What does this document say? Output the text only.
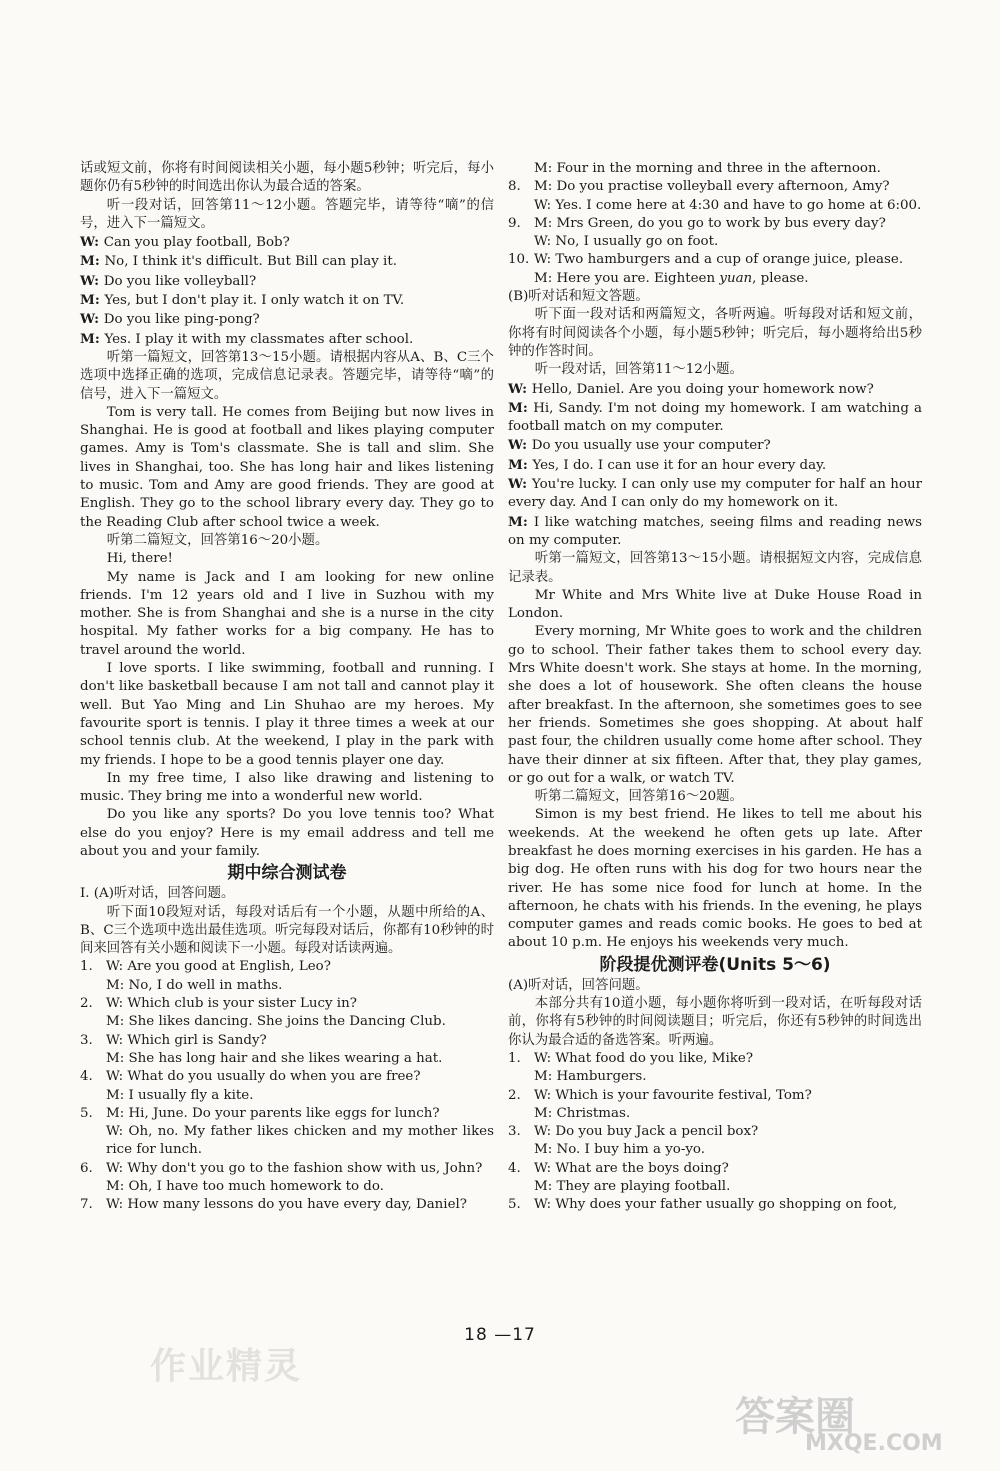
话或短文前，你将有时间阅读相关小题，每小题5秒钟；听完后，每小题你仍有5秒钟的时间选出你认为最合适的答案。

听一段对话，回答第11～12小题。答题完毕，请等待“嘀”的信号，进入下一篇短文。

W: Can you play football, Bob?

M: No, I think it's difficult. But Bill can play it.

W: Do you like volleyball?

M: Yes, but I don't play it. I only watch it on TV.

W: Do you like ping-pong?

M: Yes. I play it with my classmates after school.

听第一篇短文，回答第13～15小题。请根据内容从A、B、C三个选项中选择正确的选项，完成信息记录表。答题完毕，请等待“嘀”的信号，进入下一篇短文。

Tom is very tall. He comes from Beijing but now lives in Shanghai. He is good at football and likes playing computer games. Amy is Tom's classmate. She is tall and slim. She lives in Shanghai, too. She has long hair and likes listening to music. Tom and Amy are good friends. They are good at English. They go to the school library every day. They go to the Reading Club after school twice a week.

听第二篇短文，回答第16～20小题。

Hi, there!

My name is Jack and I am looking for new online friends. I'm 12 years old and I live in Suzhou with my mother. She is from Shanghai and she is a nurse in the city hospital. My father works for a big company. He has to travel around the world.

I love sports. I like swimming, football and running. I don't like basketball because I am not tall and cannot play it well. But Yao Ming and Lin Shuhao are my heroes. My favourite sport is tennis. I play it three times a week at our school tennis club. At the weekend, I play in the park with my friends. I hope to be a good tennis player one day.

In my free time, I also like drawing and listening to music. They bring me into a wonderful new world.

Do you like any sports? Do you love tennis too? What else do you enjoy? Here is my email address and tell me about you and your family.

期中综合测试卷

Ⅰ. (A)听对话，回答问题。

听下面10段短对话，每段对话后有一个小题，从题中所给的A、B、C三个选项中选出最佳选项。听完每段对话后，你都有10秒钟的时间来回答有关小题和阅读下一小题。每段对话读两遍。

1. W: Are you good at English, Leo?

M: No, I do well in maths.

2. W: Which club is your sister Lucy in?

M: She likes dancing. She joins the Dancing Club.

3. W: Which girl is Sandy?

M: She has long hair and she likes wearing a hat.

4. W: What do you usually do when you are free?

M: I usually fly a kite.

5. M: Hi, June. Do your parents like eggs for lunch?

W: Oh, no. My father likes chicken and my mother likes rice for lunch.

6. W: Why don't you go to the fashion show with us, John?

M: Oh, I have too much homework to do.

7. W: How many lessons do you have every day, Daniel?

M: Four in the morning and three in the afternoon.

8. M: Do you practise volleyball every afternoon, Amy?

W: Yes. I come here at 4:30 and have to go home at 6:00.

9. M: Mrs Green, do you go to work by bus every day?

W: No, I usually go on foot.

10. W: Two hamburgers and a cup of orange juice, please.

M: Here you are. Eighteen yuan, please.

(B)听对话和短文答题。

听下面一段对话和两篇短文，各听两遍。听每段对话和短文前，你将有时间阅读各个小题，每小题5秒钟；听完后，每小题将给出5秒钟的作答时间。

听一段对话，回答第11～12小题。

W: Hello, Daniel. Are you doing your homework now?

M: Hi, Sandy. I'm not doing my homework. I am watching a football match on my computer.

W: Do you usually use your computer?

M: Yes, I do. I can use it for an hour every day.

W: You're lucky. I can only use my computer for half an hour every day. And I can only do my homework on it.

M: I like watching matches, seeing films and reading news on my computer.

听第一篇短文，回答第13～15小题。请根据短文内容，完成信息记录表。

Mr White and Mrs White live at Duke House Road in London.

Every morning, Mr White goes to work and the children go to school. Their father takes them to school every day. Mrs White doesn't work. She stays at home. In the morning, she does a lot of housework. She often cleans the house after breakfast. In the afternoon, she sometimes goes to see her friends. Sometimes she goes shopping. At about half past four, the children usually come home after school. They have their dinner at six fifteen. After that, they play games, or go out for a walk, or watch TV.

听第二篇短文，回答第16～20题。

Simon is my best friend. He likes to tell me about his weekends. At the weekend he often gets up late. After breakfast he does morning exercises in his garden. He has a big dog. He often runs with his dog for two hours near the river. He has some nice food for lunch at home. In the afternoon, he chats with his friends. In the evening, he plays computer games and reads comic books. He goes to bed at about 10 p.m. He enjoys his weekends very much.

阶段提优测评卷(Units 5～6)

(A)听对话，回答问题。

本部分共有10道小题，每小题你将听到一段对话，在听每段对话前，你将有5秒钟的时间阅读题目；听完后，你还有5秒钟的时间选出你认为最合适的备选答案。听两遍。

1. W: What food do you like, Mike?

M: Hamburgers.

2. W: Which is your favourite festival, Tom?

M: Christmas.

3. W: Do you buy Jack a pencil box?

M: No. I buy him a yo-yo.

4. W: What are the boys doing?

M: They are playing football.

5. W: Why does your father usually go shopping on foot,

18 —17
作业精灵
答案圈
MXQE.COM
